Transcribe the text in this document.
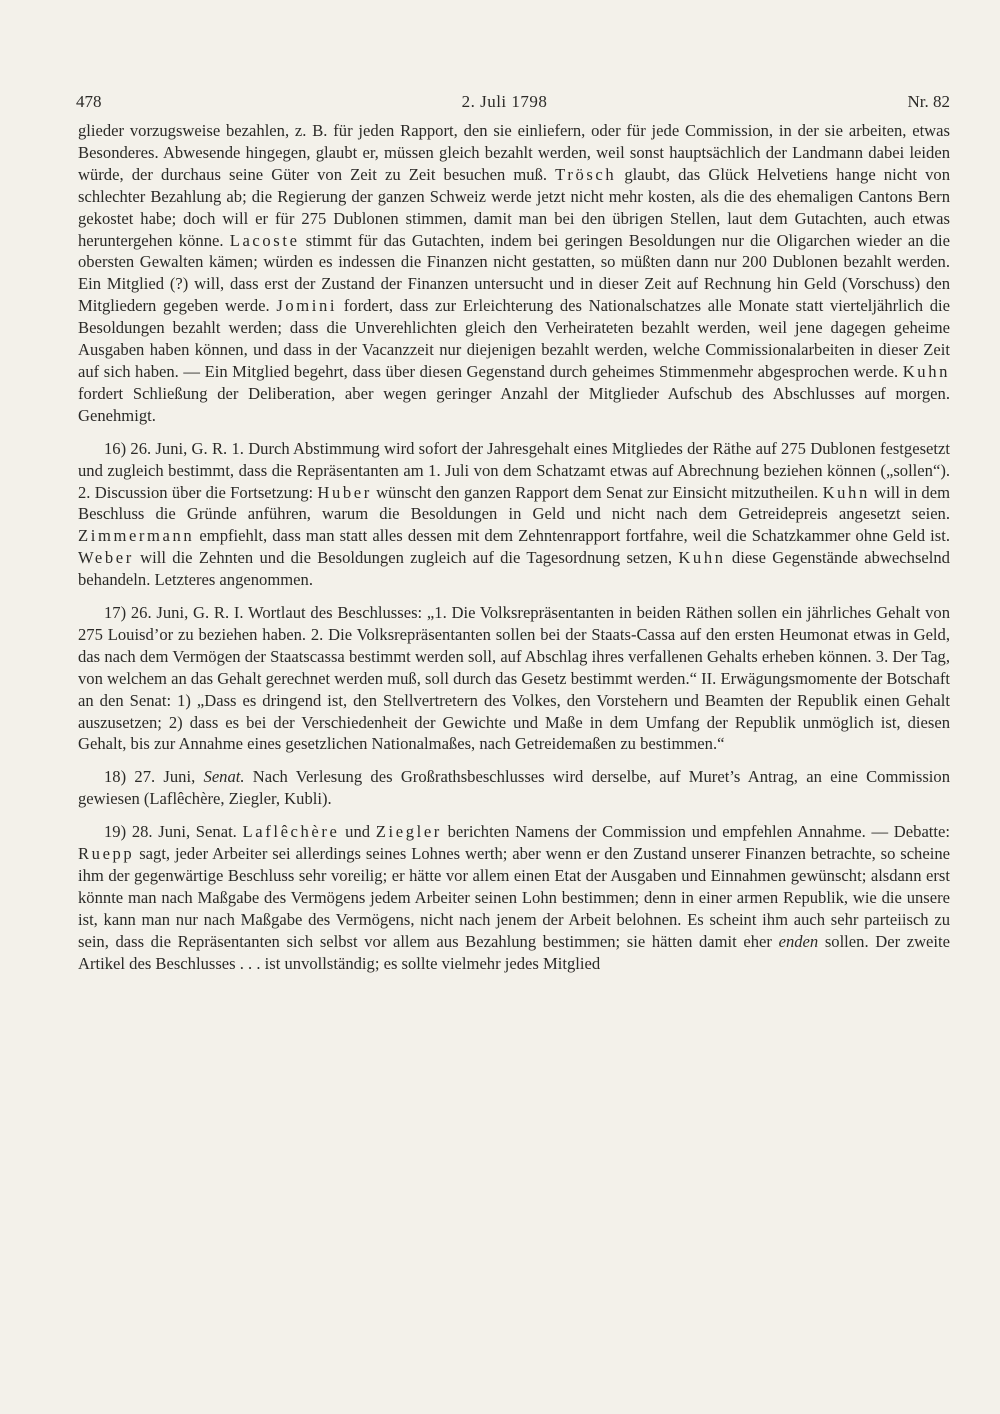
478	2. Juli 1798	Nr. 82

glieder vorzugsweise bezahlen, z. B. für jeden Rapport, den sie einliefern, oder für jede Commission, in der sie arbeiten, etwas Besonderes. Abwesende hingegen, glaubt er, müssen gleich bezahlt werden, weil sonst hauptsächlich der Landmann dabei leiden würde, der durchaus seine Güter von Zeit zu Zeit besuchen muß. Trösch glaubt, das Glück Helvetiens hange nicht von schlechter Bezahlung ab; die Regierung der ganzen Schweiz werde jetzt nicht mehr kosten, als die des ehemaligen Cantons Bern gekostet habe; doch will er für 275 Dublonen stimmen, damit man bei den übrigen Stellen, laut dem Gutachten, auch etwas heruntergehen könne. Lacoste stimmt für das Gutachten, indem bei geringen Besoldungen nur die Oligarchen wieder an die obersten Gewalten kämen; würden es indessen die Finanzen nicht gestatten, so müßten dann nur 200 Dublonen bezahlt werden. Ein Mitglied (?) will, dass erst der Zustand der Finanzen untersucht und in dieser Zeit auf Rechnung hin Geld (Vorschuss) den Mitgliedern gegeben werde. Jomini fordert, dass zur Erleichterung des Nationalschatzes alle Monate statt vierteljährlich die Besoldungen bezahlt werden; dass die Unverehlichten gleich den Verheirateten bezahlt werden, weil jene dagegen geheime Ausgaben haben können, und dass in der Vacanzzeit nur diejenigen bezahlt werden, welche Commissionalarbeiten in dieser Zeit auf sich haben. — Ein Mitglied begehrt, dass über diesen Gegenstand durch geheimes Stimmenmehr abgesprochen werde. Kuhn fordert Schließung der Deliberation, aber wegen geringer Anzahl der Mitglieder Aufschub des Abschlusses auf morgen. Genehmigt.

16) 26. Juni, G. R. 1. Durch Abstimmung wird sofort der Jahresgehalt eines Mitgliedes der Räthe auf 275 Dublonen festgesetzt und zugleich bestimmt, dass die Repräsentanten am 1. Juli von dem Schatzamt etwas auf Abrechnung beziehen können („sollen“). 2. Discussion über die Fortsetzung: Huber wünscht den ganzen Rapport dem Senat zur Einsicht mitzutheilen. Kuhn will in dem Beschluss die Gründe anführen, warum die Besoldungen in Geld und nicht nach dem Getreidepreis angesetzt seien. Zimmermann empfiehlt, dass man statt alles dessen mit dem Zehntenrapport fortfahre, weil die Schatzkammer ohne Geld ist. Weber will die Zehnten und die Besoldungen zugleich auf die Tagesordnung setzen, Kuhn diese Gegenstände abwechselnd behandeln. Letzteres angenommen.

17) 26. Juni, G. R. I. Wortlaut des Beschlusses: „1. Die Volksrepräsentanten in beiden Räthen sollen ein jährliches Gehalt von 275 Louisd’or zu beziehen haben. 2. Die Volksrepräsentanten sollen bei der Staats-Cassa auf den ersten Heumonat etwas in Geld, das nach dem Vermögen der Staatscassa bestimmt werden soll, auf Abschlag ihres verfallenen Gehalts erheben können. 3. Der Tag, von welchem an das Gehalt gerechnet werden muß, soll durch das Gesetz bestimmt werden.“ II. Erwägungsmomente der Botschaft an den Senat: 1) „Dass es dringend ist, den Stellvertretern des Volkes, den Vorstehern und Beamten der Republik einen Gehalt auszusetzen; 2) dass es bei der Verschiedenheit der Gewichte und Maße in dem Umfang der Republik unmöglich ist, diesen Gehalt, bis zur Annahme eines gesetzlichen Nationalmaßes, nach Getreidemaßen zu bestimmen.“

18) 27. Juni, Senat. Nach Verlesung des Großrathsbeschlusses wird derselbe, auf Muret’s Antrag, an eine Commission gewiesen (Laflêchère, Ziegler, Kubli).

19) 28. Juni, Senat. Laflêchère und Ziegler berichten Namens der Commission und empfehlen Annahme. — Debatte: Ruepp sagt, jeder Arbeiter sei allerdings seines Lohnes werth; aber wenn er den Zustand unserer Finanzen betrachte, so scheine ihm der gegenwärtige Beschluss sehr voreilig; er hätte vor allem einen Etat der Ausgaben und Einnahmen gewünscht; alsdann erst könnte man nach Maßgabe des Vermögens jedem Arbeiter seinen Lohn bestimmen; denn in einer armen Republik, wie die unsere ist, kann man nur nach Maßgabe des Vermögens, nicht nach jenem der Arbeit belohnen. Es scheint ihm auch sehr parteiisch zu sein, dass die Repräsentanten sich selbst vor allem aus Bezahlung bestimmen; sie hätten damit eher enden sollen. Der zweite Artikel des Beschlusses . . . ist unvollständig; es sollte vielmehr jedes Mitglied
